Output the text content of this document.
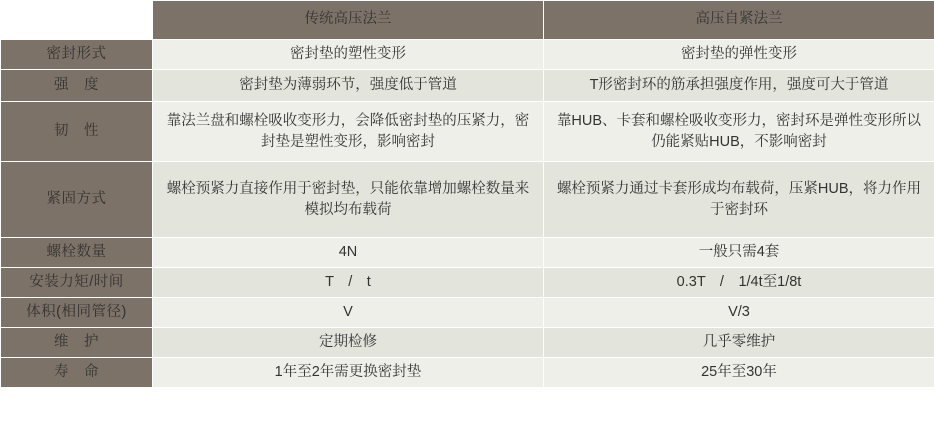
	传统高压法兰	高压自紧法兰
密封形式	密封垫的塑性变形	密封垫的弹性变形
强　度	密封垫为薄弱环节，强度低于管道	T形密封环的筋承担强度作用，强度可大于管道
韧　性	靠法兰盘和螺栓吸收变形力，会降低密封垫的压紧力，密封垫是塑性变形，影响密封	靠HUB、卡套和螺栓吸收变形力，密封环是弹性变形所以仍能紧贴HUB，不影响密封
紧固方式	螺栓预紧力直接作用于密封垫，只能依靠增加螺栓数量来模拟均布载荷	螺栓预紧力通过卡套形成均布载荷，压紧HUB，将力作用于密封环
螺栓数量	4N	一般只需4套
安装力矩/时间	T　/　t	0.3T　/　1/4t至1/8t
体积(相同管径)	V	V/3
维　护	定期检修	几乎零维护
寿　命	1年至2年需更换密封垫	25年至30年
